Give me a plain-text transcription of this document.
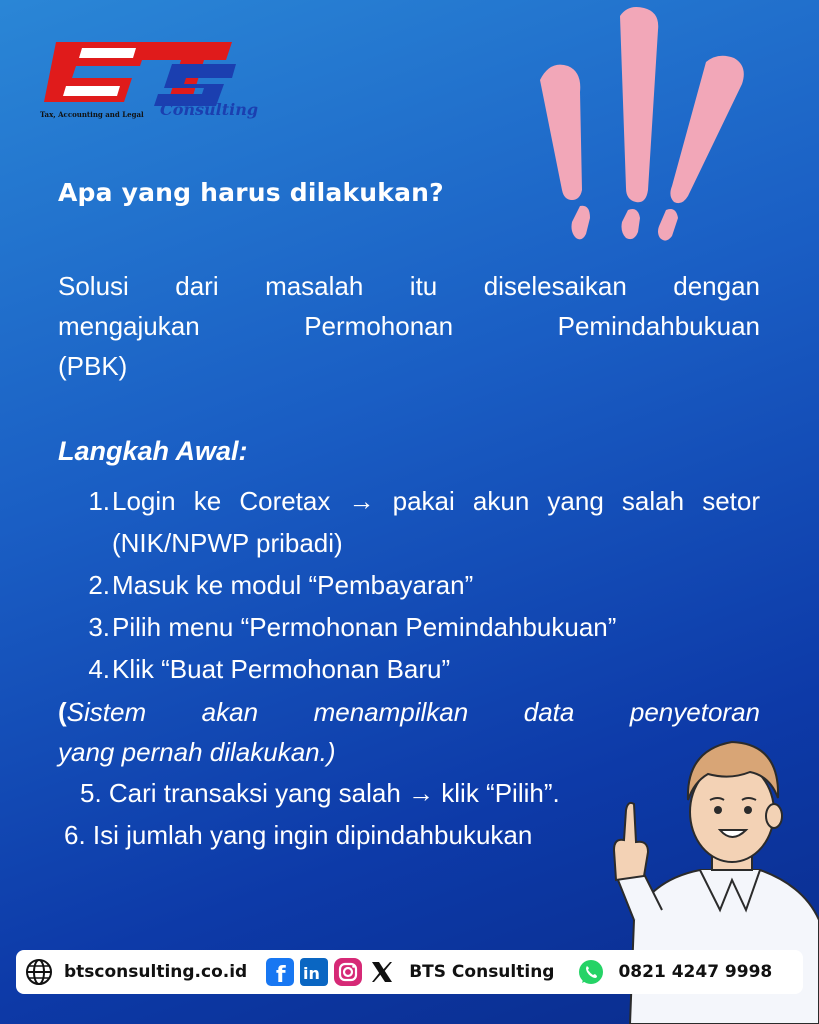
Tax, Accounting and Legal Consulting
Apa yang harus dilakukan?
Solusi dari masalah itu diselesaikan dengan
mengajukan Permohonan Pemindahbukuan
(PBK)
Langkah Awal:
1. Login ke Coretax → pakai akun yang salah setor (NIK/NPWP pribadi)
2. Masuk ke modul “Pembayaran”
3. Pilih menu “Permohonan Pemindahbukuan”
4. Klik “Buat Permohonan Baru”
(Sistem akan menampilkan data penyetoran
yang pernah dilakukan.)
5. Cari transaksi yang salah → klik “Pilih”.
6. Isi jumlah yang ingin dipindahbukukan
btsconsulting.co.id f in	BTS Consulting	0821 4247 9998
